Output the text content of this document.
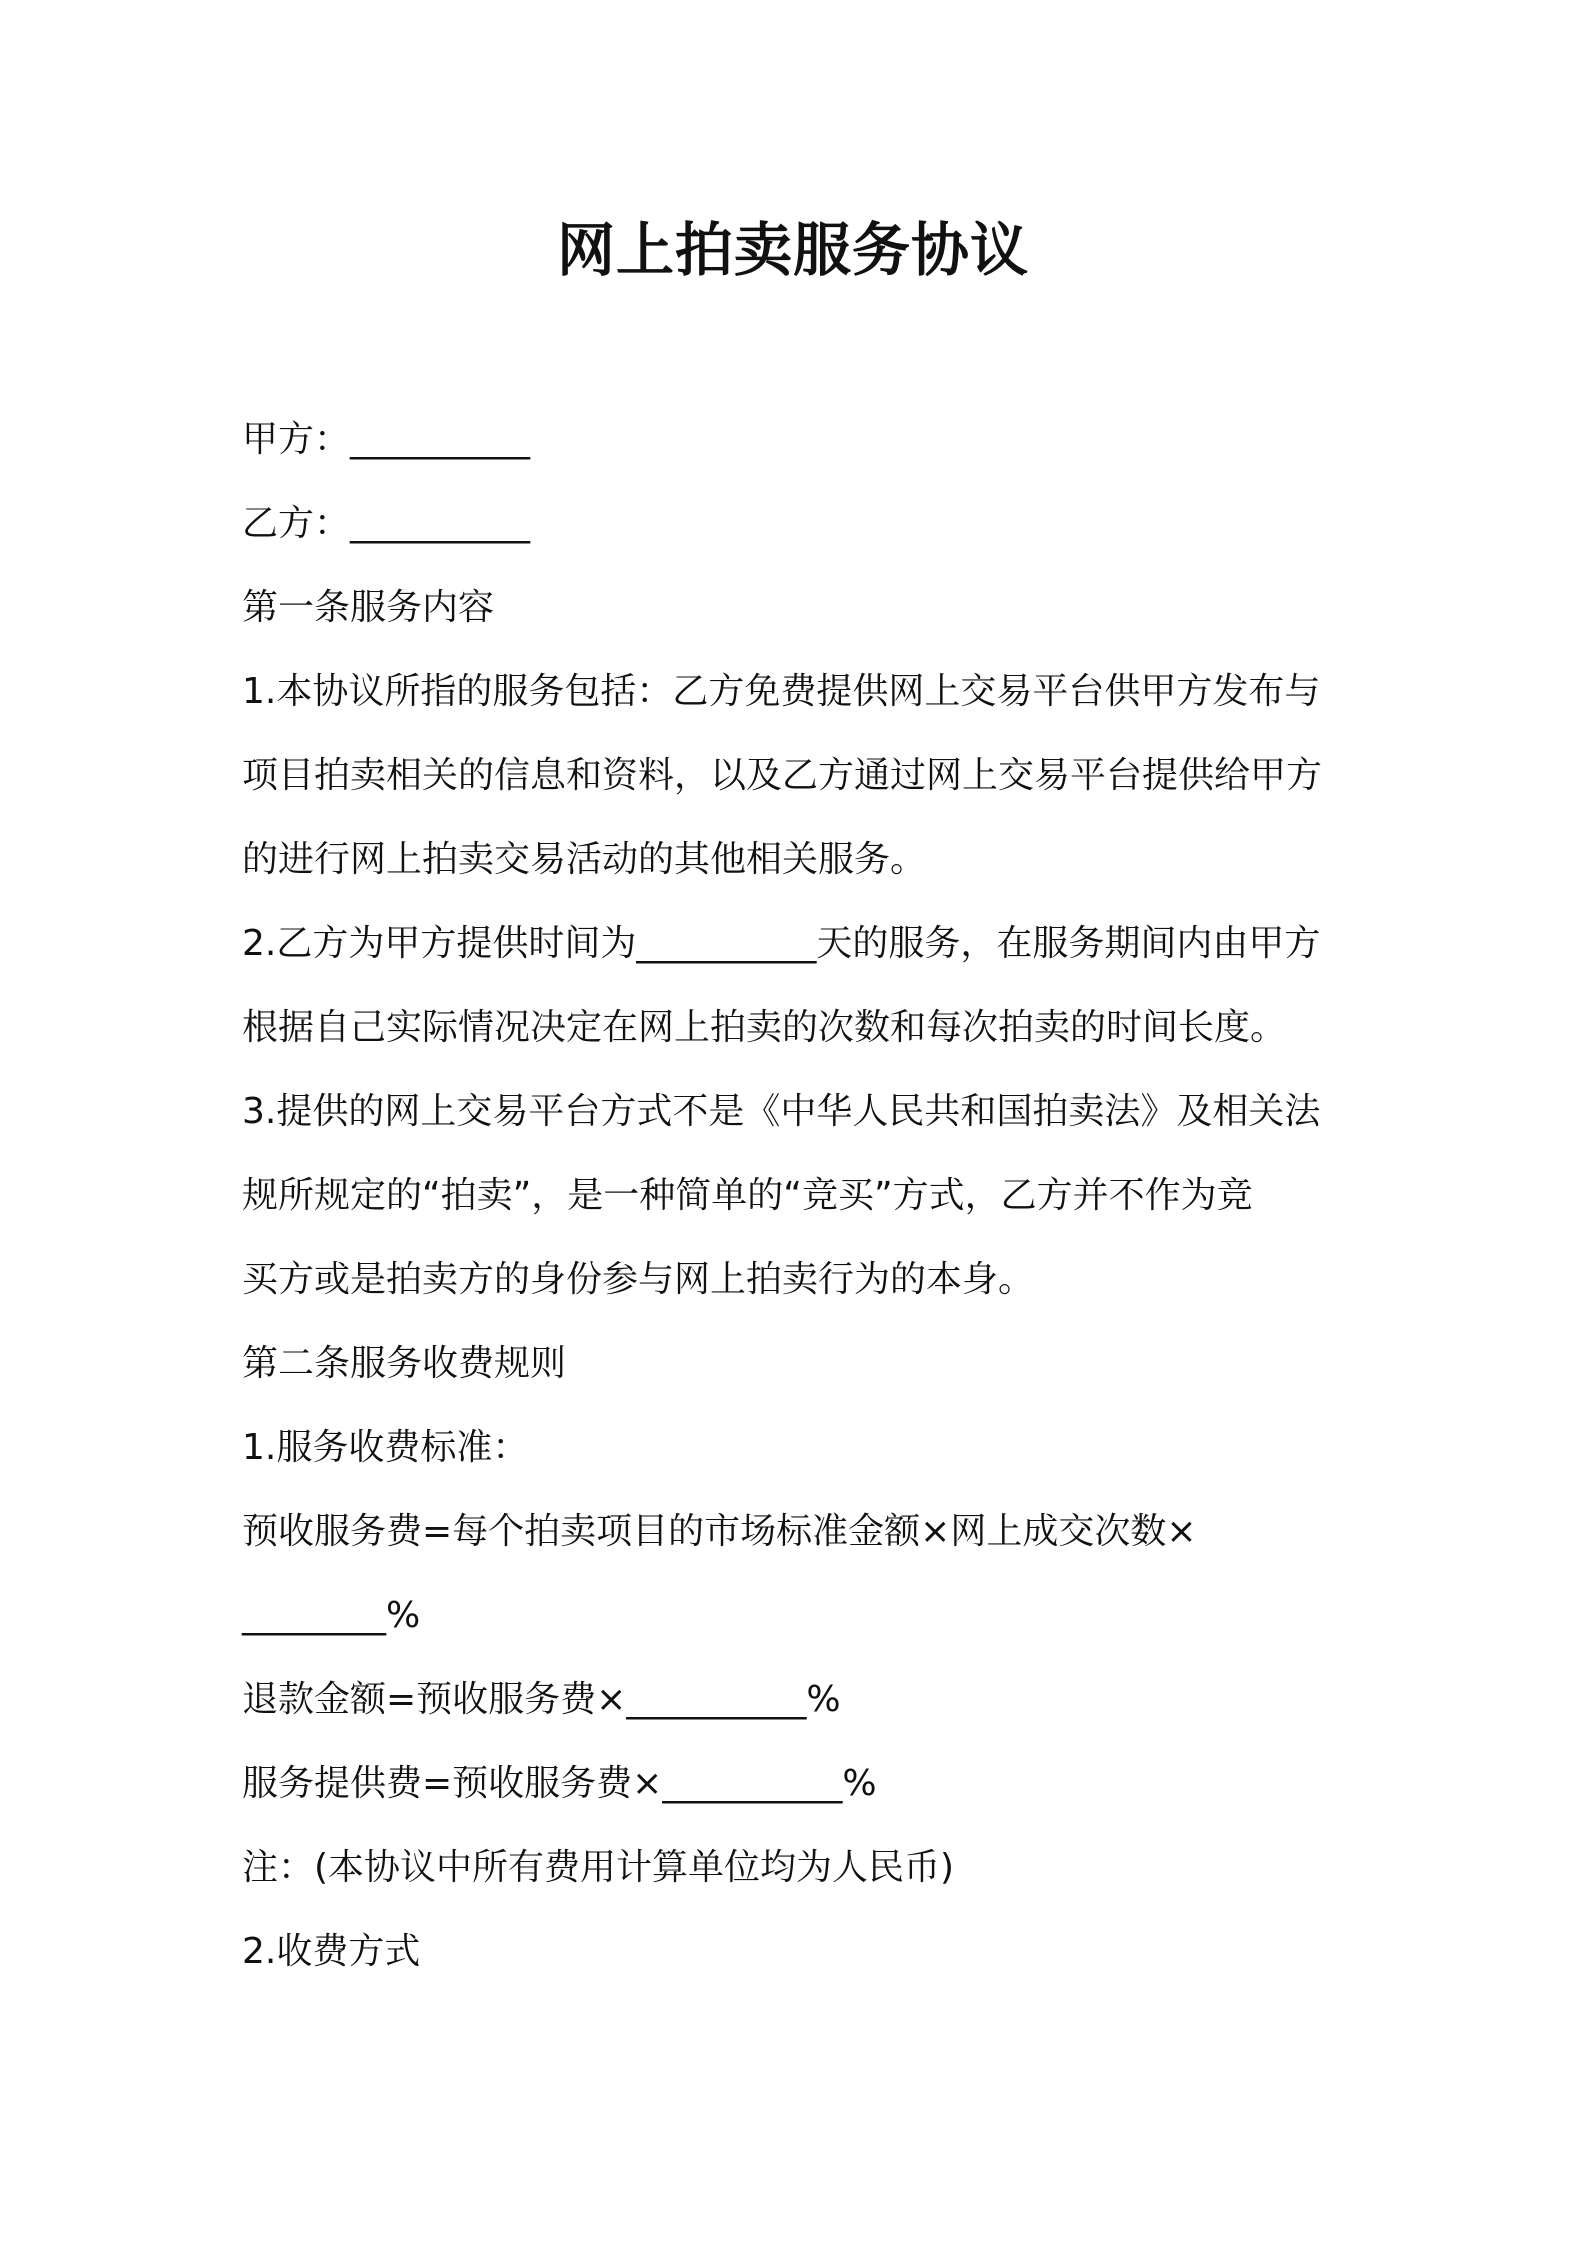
网上拍卖服务协议
甲方：__________
乙方：__________
第一条服务内容
1.本协议所指的服务包括：乙方免费提供网上交易平台供甲方发布与
项目拍卖相关的信息和资料，以及乙方通过网上交易平台提供给甲方
的进行网上拍卖交易活动的其他相关服务。
2.乙方为甲方提供时间为__________天的服务，在服务期间内由甲方
根据自己实际情况决定在网上拍卖的次数和每次拍卖的时间长度。
3.提供的网上交易平台方式不是《中华人民共和国拍卖法》及相关法
规所规定的“拍卖”，是一种简单的“竞买”方式，乙方并不作为竞
买方或是拍卖方的身份参与网上拍卖行为的本身。
第二条服务收费规则
1.服务收费标准：
预收服务费=每个拍卖项目的市场标准金额×网上成交次数×
________%
退款金额=预收服务费×__________%
服务提供费=预收服务费×__________%
注：(本协议中所有费用计算单位均为人民币)
2.收费方式
